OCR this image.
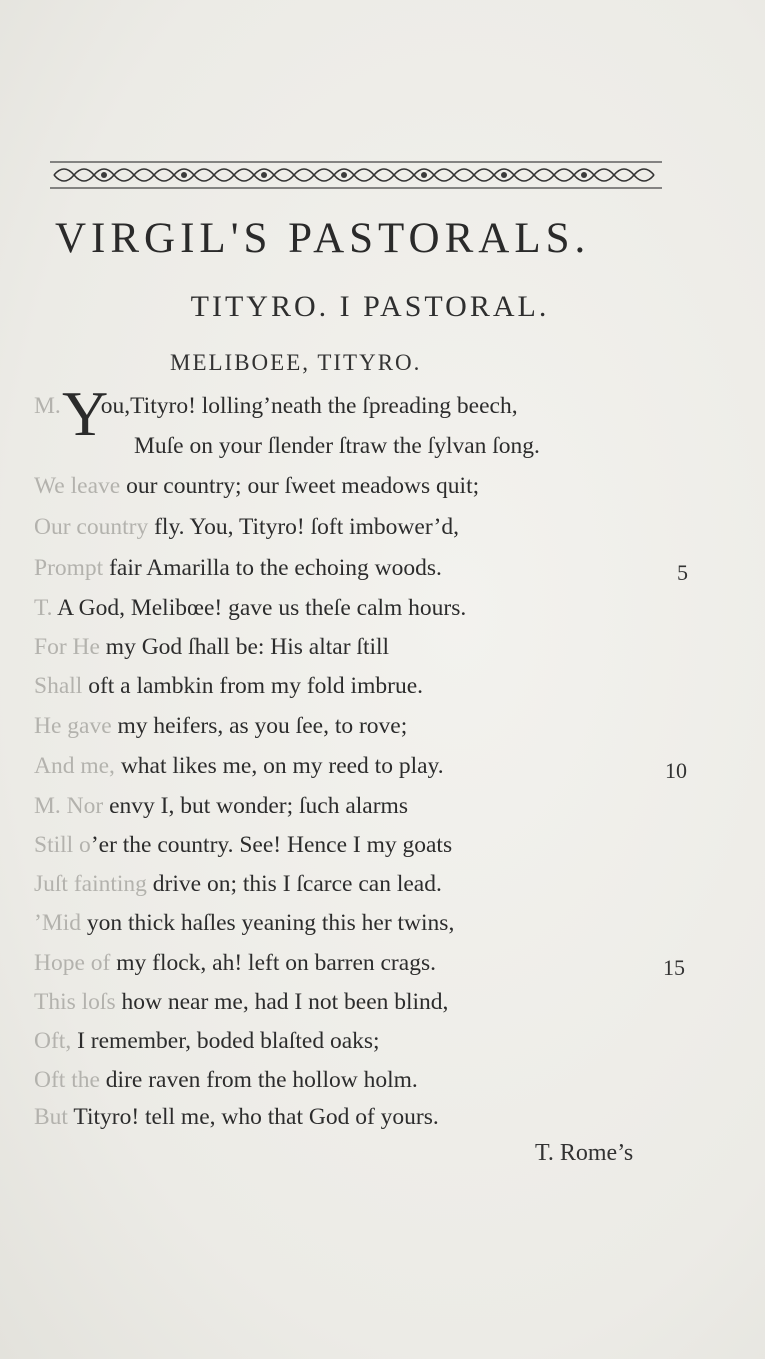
VIRGIL'S PASTORALS.
TITYRO. I PASTORAL.
MELIBOEE, TITYRO.
Y
M. ou,Tityro! lolling’neath the ſpreading beech,
Muſe on your ſlender ſtraw the ſylvan ſong.
We leave our country; our ſweet meadows quit;
Our country fly. You, Tityro! ſoft imbower’d,
Prompt fair Amarilla to the echoing woods.
T. A God, Melibœe! gave us theſe calm hours.
For He my God ſhall be: His altar ſtill
Shall oft a lambkin from my fold imbrue.
He gave my heifers, as you ſee, to rove;
And me, what likes me, on my reed to play.
M. Nor envy I, but wonder; ſuch alarms
Still o’er the country. See! Hence I my goats
Juſt fainting drive on; this I ſcarce can lead.
’Mid yon thick haſles yeaning this her twins,
Hope of my flock, ah! left on barren crags.
This loſs how near me, had I not been blind,
Oft, I remember, boded blaſted oaks;
Oft the dire raven from the hollow holm.
But Tityro! tell me, who that God of yours.
5
10
15
T. Rome’s
